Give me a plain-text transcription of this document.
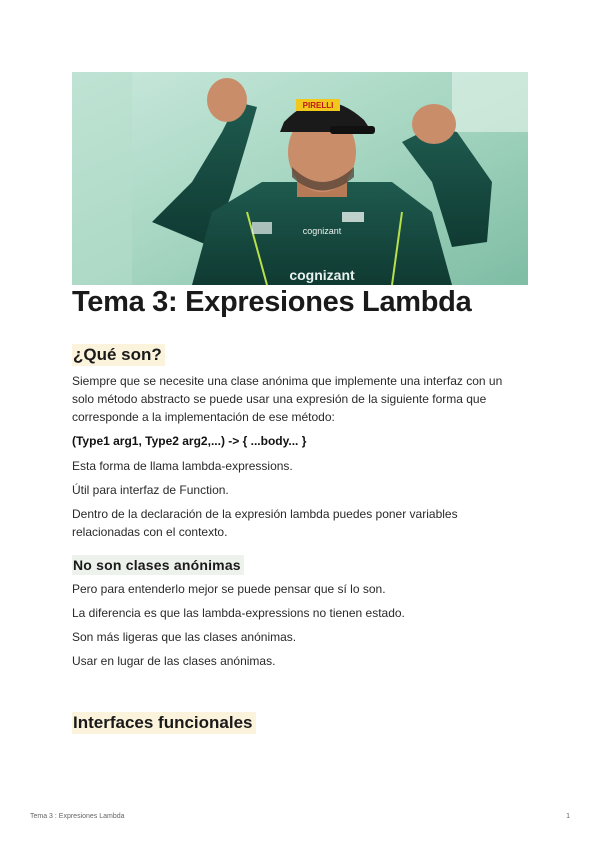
PIRELLI
cognizant
cognizant
Tema 3: Expresiones Lambda
¿Qué son?

Siempre que se necesite una clase anónima que implemente una interfaz con un solo método abstracto se puede usar una expresión de la siguiente forma que corresponde a la implementación de ese método:

(Type1 arg1, Type2 arg2,...) -> { ...body... }

Esta forma de llama lambda-expressions.

Útil para interfaz de Function.

Dentro de la declaración de la expresión lambda puedes poner variables relacionadas con el contexto.

No son clases anónimas

Pero para entenderlo mejor se puede pensar que sí lo son.

La diferencia es que las lambda-expressions no tienen estado.

Son más ligeras que las clases anónimas.

Usar en lugar de las clases anónimas.

Interfaces funcionales
Tema 3 : Expresiones Lambda	1
